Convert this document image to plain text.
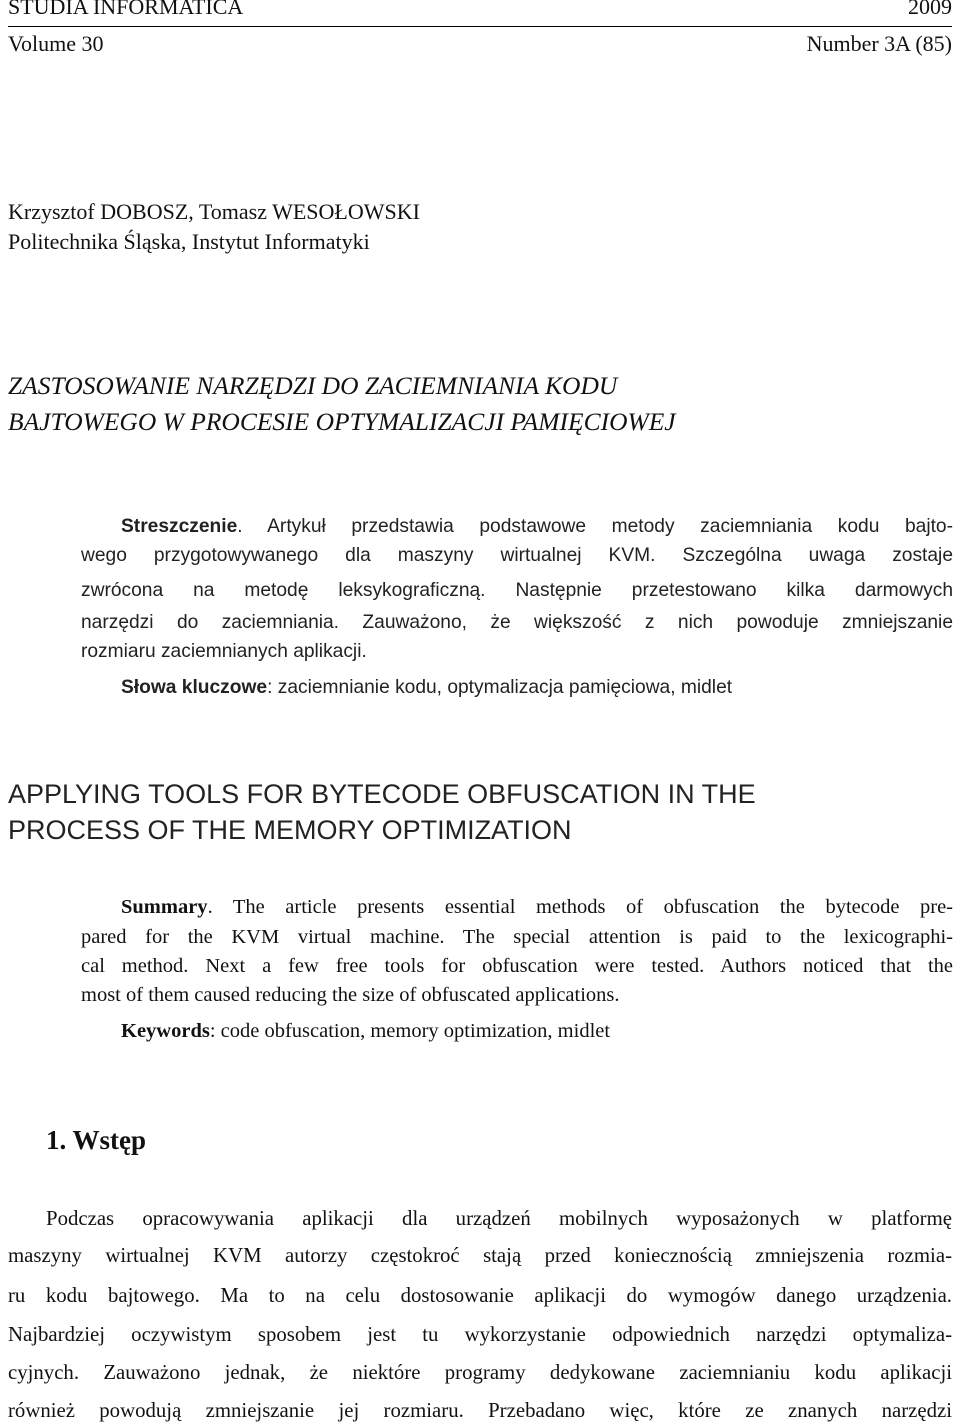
STUDIA INFORMATICA	2009
Volume 30	Number 3A (85)
Krzysztof DOBOSZ, Tomasz WESOŁOWSKI
Politechnika Śląska, Instytut Informatyki
ZASTOSOWANIE NARZĘDZI DO ZACIEMNIANIA KODU
BAJTOWEGO W PROCESIE OPTYMALIZACJI PAMIĘCIOWEJ
Streszczenie. Artykuł przedstawia podstawowe metody zaciemniania kodu bajto-
wego przygotowywanego dla maszyny wirtualnej KVM. Szczególna uwaga zostaje
zwrócona na metodę leksykograficzną. Następnie przetestowano kilka darmowych
narzędzi do zaciemniania. Zauważono, że większość z nich powoduje zmniejszanie
rozmiaru zaciemnianych aplikacji.
Słowa kluczowe: zaciemnianie kodu, optymalizacja pamięciowa, midlet
APPLYING TOOLS FOR BYTECODE OBFUSCATION IN THE
PROCESS OF THE MEMORY OPTIMIZATION
Summary. The article presents essential methods of obfuscation the bytecode pre-
pared for the KVM virtual machine. The special attention is paid to the lexicographi-
cal method. Next a few free tools for obfuscation were tested. Authors noticed that the
most of them caused reducing the size of obfuscated applications.
Keywords: code obfuscation, memory optimization, midlet
1. Wstęp
Podczas opracowywania aplikacji dla urządzeń mobilnych wyposażonych w platformę
maszyny wirtualnej KVM autorzy częstokroć stają przed koniecznością zmniejszenia rozmia-
ru kodu bajtowego. Ma to na celu dostosowanie aplikacji do wymogów danego urządzenia.
Najbardziej oczywistym sposobem jest tu wykorzystanie odpowiednich narzędzi optymaliza-
cyjnych. Zauważono jednak, że niektóre programy dedykowane zaciemnianiu kodu aplikacji
również powodują zmniejszanie jej rozmiaru. Przebadano więc, które ze znanych narzędzi
